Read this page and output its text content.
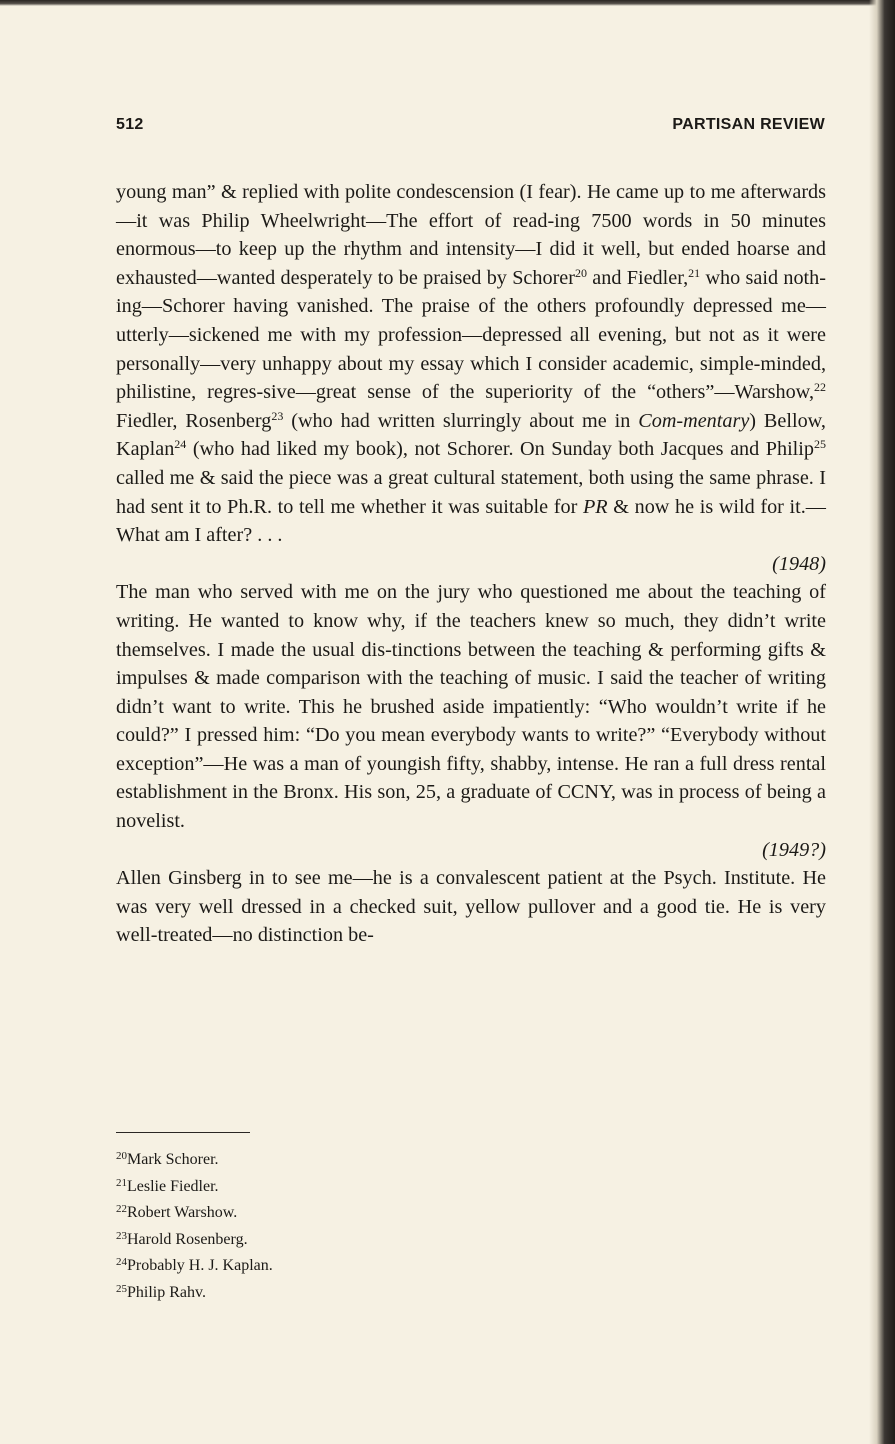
512	PARTISAN REVIEW

young man” & replied with polite condescension (I fear). He came up to me afterwards—it was Philip Wheelwright—The effort of read-ing 7500 words in 50 minutes enormous—to keep up the rhythm and intensity—I did it well, but ended hoarse and exhausted—wanted desperately to be praised by Schorer$^{20}$ and Fiedler,$^{21}$ who said noth-ing—Schorer having vanished. The praise of the others profoundly depressed me—utterly—sickened me with my profession—depressed all evening, but not as it were personally—very unhappy about my essay which I consider academic, simple-minded, philistine, regres-sive—great sense of the superiority of the “others”—Warshow,$^{22}$ Fiedler, Rosenberg$^{23}$ (who had written slurringly about me in Com-mentary) Bellow, Kaplan$^{24}$ (who had liked my book), not Schorer. On Sunday both Jacques and Philip$^{25}$ called me & said the piece was a great cultural statement, both using the same phrase. I had sent it to Ph.R. to tell me whether it was suitable for PR & now he is wild for it.—What am I after? . . .

(1948)

The man who served with me on the jury who questioned me about the teaching of writing. He wanted to know why, if the teachers knew so much, they didn’t write themselves. I made the usual dis-tinctions between the teaching & performing gifts & impulses & made comparison with the teaching of music. I said the teacher of writing didn’t want to write. This he brushed aside impatiently: “Who wouldn’t write if he could?” I pressed him: “Do you mean everybody wants to write?” “Everybody without exception”—He was a man of youngish fifty, shabby, intense. He ran a full dress rental establishment in the Bronx. His son, 25, a graduate of CCNY, was in process of being a novelist.

(1949?)

Allen Ginsberg in to see me—he is a convalescent patient at the Psych. Institute. He was very well dressed in a checked suit, yellow pullover and a good tie. He is very well-treated—no distinction be-

$^{20}$Mark Schorer.
$^{21}$Leslie Fiedler.
$^{22}$Robert Warshow.
$^{23}$Harold Rosenberg.
$^{24}$Probably H. J. Kaplan.
$^{25}$Philip Rahv.
